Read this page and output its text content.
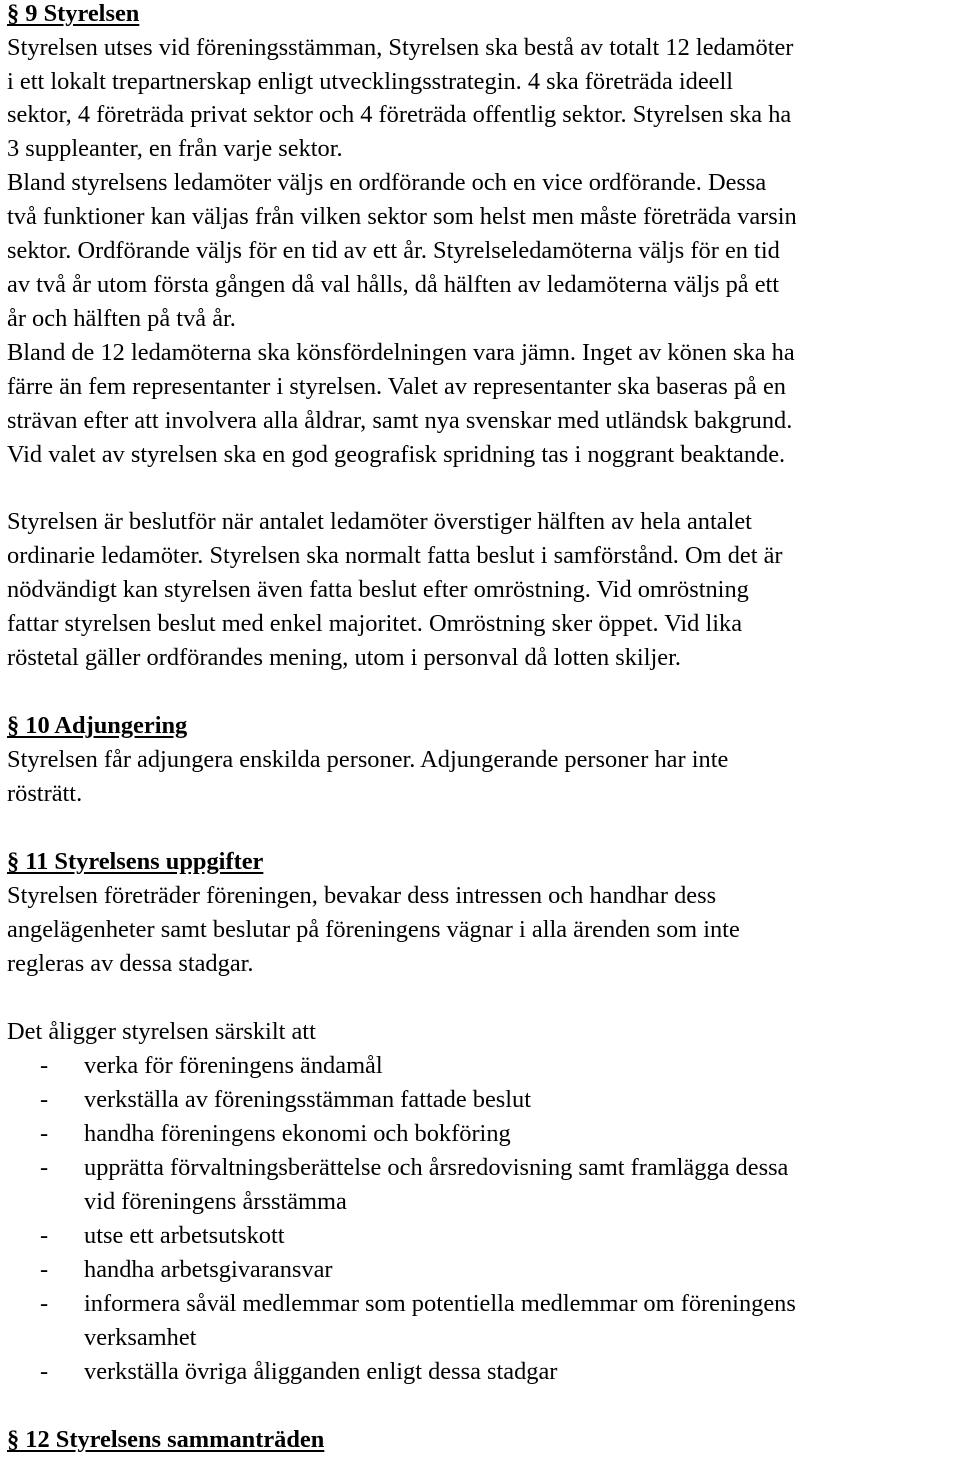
§ 9 Styrelsen
Styrelsen utses vid föreningsstämman, Styrelsen ska bestå av totalt 12 ledamöter
i ett lokalt trepartnerskap enligt utvecklingsstrategin. 4 ska företräda ideell
sektor, 4 företräda privat sektor och 4 företräda offentlig sektor. Styrelsen ska ha
3 suppleanter, en från varje sektor.
Bland styrelsens ledamöter väljs en ordförande och en vice ordförande. Dessa
två funktioner kan väljas från vilken sektor som helst men måste företräda varsin
sektor. Ordförande väljs för en tid av ett år. Styrelseledamöterna väljs för en tid
av två år utom första gången då val hålls, då hälften av ledamöterna väljs på ett
år och hälften på två år.
Bland de 12 ledamöterna ska könsfördelningen vara jämn. Inget av könen ska ha
färre än fem representanter i styrelsen. Valet av representanter ska baseras på en
strävan efter att involvera alla åldrar, samt nya svenskar med utländsk bakgrund.
Vid valet av styrelsen ska en god geografisk spridning tas i noggrant beaktande.
Styrelsen är beslutför när antalet ledamöter överstiger hälften av hela antalet
ordinarie ledamöter. Styrelsen ska normalt fatta beslut i samförstånd. Om det är
nödvändigt kan styrelsen även fatta beslut efter omröstning. Vid omröstning
fattar styrelsen beslut med enkel majoritet. Omröstning sker öppet. Vid lika
röstetal gäller ordförandes mening, utom i personval då lotten skiljer.
§ 10 Adjungering
Styrelsen får adjungera enskilda personer. Adjungerande personer har inte
rösträtt.
§ 11 Styrelsens uppgifter
Styrelsen företräder föreningen, bevakar dess intressen och handhar dess
angelägenheter samt beslutar på föreningens vägnar i alla ärenden som inte
regleras av dessa stadgar.
Det åligger styrelsen särskilt att
- verka för föreningens ändamål
- verkställa av föreningsstämman fattade beslut
- handha föreningens ekonomi och bokföring
- upprätta förvaltningsberättelse och årsredovisning samt framlägga dessa
vid föreningens årsstämma
- utse ett arbetsutskott
- handha arbetsgivaransvar
- informera såväl medlemmar som potentiella medlemmar om föreningens
verksamhet
- verkställa övriga åligganden enligt dessa stadgar
§ 12 Styrelsens sammanträden
